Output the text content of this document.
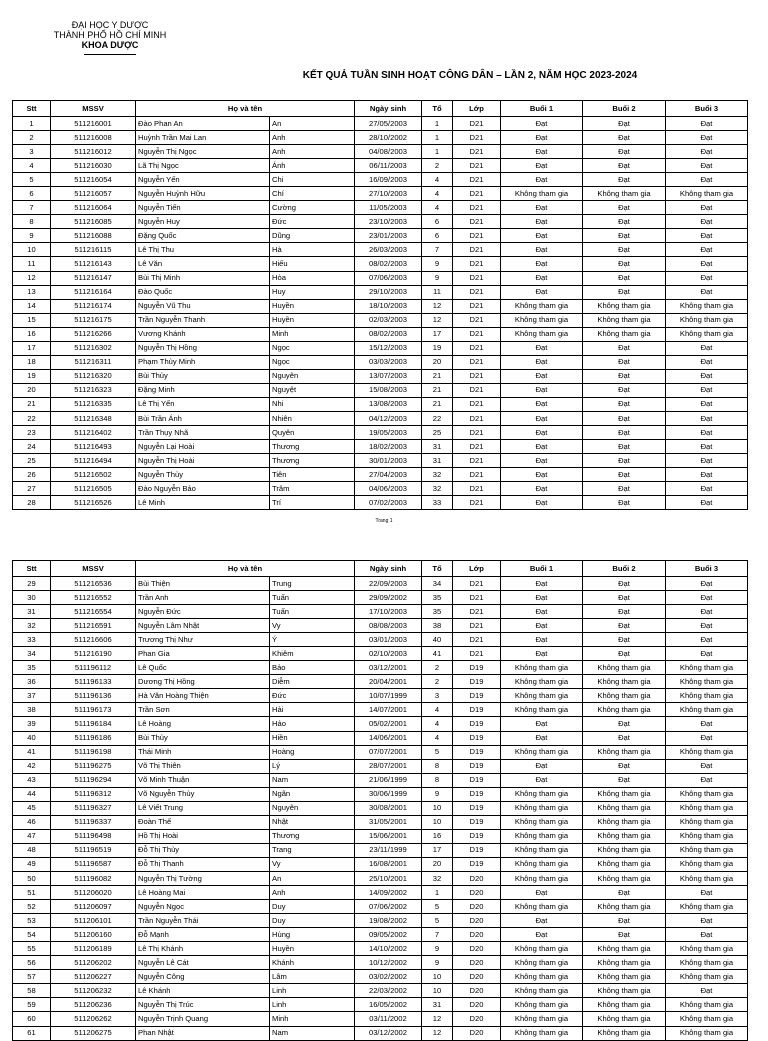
ĐẠI HỌC Y DƯỢC
THÀNH PHỐ HỒ CHÍ MINH
KHOA DƯỢC
KẾT QUẢ TUẦN SINH HOẠT CÔNG DÂN – LẦN 2, NĂM HỌC 2023-2024
Stt	MSSV	Họ và tên		Ngày sinh	Tổ	Lớp	Buổi 1	Buổi 2	Buổi 3
1	511216001	Đào Phan An	An	27/05/2003	1	D21	Đạt	Đạt	Đạt
2	511216008	Huỳnh Trần Mai Lan	Anh	28/10/2002	1	D21	Đạt	Đạt	Đạt
3	511216012	Nguyễn Thị Ngọc	Anh	04/08/2003	1	D21	Đạt	Đạt	Đạt
4	511216030	Lã Thị Ngọc	Ánh	06/11/2003	2	D21	Đạt	Đạt	Đạt
5	511216054	Nguyễn Yến	Chi	16/09/2003	4	D21	Đạt	Đạt	Đạt
6	511216057	Nguyễn Huỳnh Hữu	Chí	27/10/2003	4	D21	Không tham gia	Không tham gia	Không tham gia
7	511216064	Nguyễn Tiến	Cường	11/05/2003	4	D21	Đạt	Đạt	Đạt
8	511216085	Nguyễn Huy	Đức	23/10/2003	6	D21	Đạt	Đạt	Đạt
9	511216088	Đặng Quốc	Dũng	23/01/2003	6	D21	Đạt	Đạt	Đạt
10	511216115	Lê Thị Thu	Hà	26/03/2003	7	D21	Đạt	Đạt	Đạt
11	511216143	Lê Văn	Hiếu	08/02/2003	9	D21	Đạt	Đạt	Đạt
12	511216147	Bùi Thị Minh	Hòa	07/06/2003	9	D21	Đạt	Đạt	Đạt
13	511216164	Đào Quốc	Huy	29/10/2003	11	D21	Đạt	Đạt	Đạt
14	511216174	Nguyễn Vũ Thu	Huyền	18/10/2003	12	D21	Không tham gia	Không tham gia	Không tham gia
15	511216175	Trần Nguyễn Thanh	Huyền	02/03/2003	12	D21	Không tham gia	Không tham gia	Không tham gia
16	511216266	Vương Khánh	Minh	08/02/2003	17	D21	Không tham gia	Không tham gia	Không tham gia
17	511216302	Nguyễn Thị Hồng	Ngọc	15/12/2003	19	D21	Đạt	Đạt	Đạt
18	511216311	Phạm Thùy Minh	Ngọc	03/03/2003	20	D21	Đạt	Đạt	Đạt
19	511216320	Bùi Thủy	Nguyên	13/07/2003	21	D21	Đạt	Đạt	Đạt
20	511216323	Đặng Minh	Nguyệt	15/08/2003	21	D21	Đạt	Đạt	Đạt
21	511216335	Lê Thị Yến	Nhi	13/08/2003	21	D21	Đạt	Đạt	Đạt
22	511216348	Bùi Trần Ánh	Nhiên	04/12/2003	22	D21	Đạt	Đạt	Đạt
23	511216402	Trần Thụy Nhã	Quyên	19/05/2003	25	D21	Đạt	Đạt	Đạt
24	511216493	Nguyễn Lại Hoài	Thương	18/02/2003	31	D21	Đạt	Đạt	Đạt
25	511216494	Nguyễn Thị Hoài	Thương	30/01/2003	31	D21	Đạt	Đạt	Đạt
26	511216502	Nguyễn Thủy	Tiên	27/04/2003	32	D21	Đạt	Đạt	Đạt
27	511216505	Đào Nguyễn Bảo	Trâm	04/06/2003	32	D21	Đạt	Đạt	Đạt
28	511216526	Lê Minh	Trí	07/02/2003	33	D21	Đạt	Đạt	Đạt
Trang 1
Stt	MSSV	Họ và tên		Ngày sinh	Tổ	Lớp	Buổi 1	Buổi 2	Buổi 3
29	511216536	Bùi Thiện	Trung	22/09/2003	34	D21	Đạt	Đạt	Đạt
30	511216552	Trần Anh	Tuấn	29/09/2002	35	D21	Đạt	Đạt	Đạt
31	511216554	Nguyễn Đức	Tuấn	17/10/2003	35	D21	Đạt	Đạt	Đạt
32	511216591	Nguyễn Lâm Nhật	Vy	08/08/2003	38	D21	Đạt	Đạt	Đạt
33	511216606	Trương Thị Như	Ý	03/01/2003	40	D21	Đạt	Đạt	Đạt
34	511216190	Phan Gia	Khiêm	02/10/2003	41	D21	Đạt	Đạt	Đạt
35	511196112	Lê Quốc	Bảo	03/12/2001	2	D19	Không tham gia	Không tham gia	Không tham gia
36	511196133	Dương Thị Hồng	Diễm	20/04/2001	2	D19	Không tham gia	Không tham gia	Không tham gia
37	511196136	Hà Văn Hoàng Thiện	Đức	10/07/1999	3	D19	Không tham gia	Không tham gia	Không tham gia
38	511196173	Trần Sơn	Hải	14/07/2001	4	D19	Không tham gia	Không tham gia	Không tham gia
39	511196184	Lê Hoàng	Hảo	05/02/2001	4	D19	Đạt	Đạt	Đạt
40	511196186	Bùi Thủy	Hiền	14/06/2001	4	D19	Đạt	Đạt	Đạt
41	511196198	Thái Minh	Hoàng	07/07/2001	5	D19	Không tham gia	Không tham gia	Không tham gia
42	511196275	Võ Thị Thiên	Lý	28/07/2001	8	D19	Đạt	Đạt	Đạt
43	511196294	Võ Minh Thuận	Nam	21/06/1999	8	D19	Đạt	Đạt	Đạt
44	511196312	Võ Nguyễn Thùy	Ngân	30/06/1999	9	D19	Không tham gia	Không tham gia	Không tham gia
45	511196327	Lê Viết Trung	Nguyên	30/08/2001	10	D19	Không tham gia	Không tham gia	Không tham gia
46	511196337	Đoàn Thế	Nhật	31/05/2001	10	D19	Không tham gia	Không tham gia	Không tham gia
47	511196498	Hồ Thị Hoài	Thương	15/06/2001	16	D19	Không tham gia	Không tham gia	Không tham gia
48	511196519	Đỗ Thị Thùy	Trang	23/11/1999	17	D19	Không tham gia	Không tham gia	Không tham gia
49	511196587	Đỗ Thị Thanh	Vy	16/08/2001	20	D19	Không tham gia	Không tham gia	Không tham gia
50	511196082	Nguyễn Thị Tường	An	25/10/2001	32	D20	Không tham gia	Không tham gia	Không tham gia
51	511206020	Lê Hoàng Mai	Anh	14/09/2002	1	D20	Đạt	Đạt	Đạt
52	511206097	Nguyễn Ngọc	Duy	07/06/2002	5	D20	Không tham gia	Không tham gia	Không tham gia
53	511206101	Trần Nguyễn Thái	Duy	19/08/2002	5	D20	Đạt	Đạt	Đạt
54	511206160	Đỗ Mạnh	Hùng	09/05/2002	7	D20	Đạt	Đạt	Đạt
55	511206189	Lê Thị Khánh	Huyền	14/10/2002	9	D20	Không tham gia	Không tham gia	Không tham gia
56	511206202	Nguyễn Lê Cát	Khánh	10/12/2002	9	D20	Không tham gia	Không tham gia	Không tham gia
57	511206227	Nguyễn Công	Lâm	03/02/2002	10	D20	Không tham gia	Không tham gia	Không tham gia
58	511206232	Lê Khánh	Linh	22/03/2002	10	D20	Không tham gia	Không tham gia	Đạt
59	511206236	Nguyễn Thị Trúc	Linh	16/05/2002	31	D20	Không tham gia	Không tham gia	Không tham gia
60	511206262	Nguyễn Trịnh Quang	Minh	03/11/2002	12	D20	Không tham gia	Không tham gia	Không tham gia
61	511206275	Phan Nhật	Nam	03/12/2002	12	D20	Không tham gia	Không tham gia	Không tham gia
